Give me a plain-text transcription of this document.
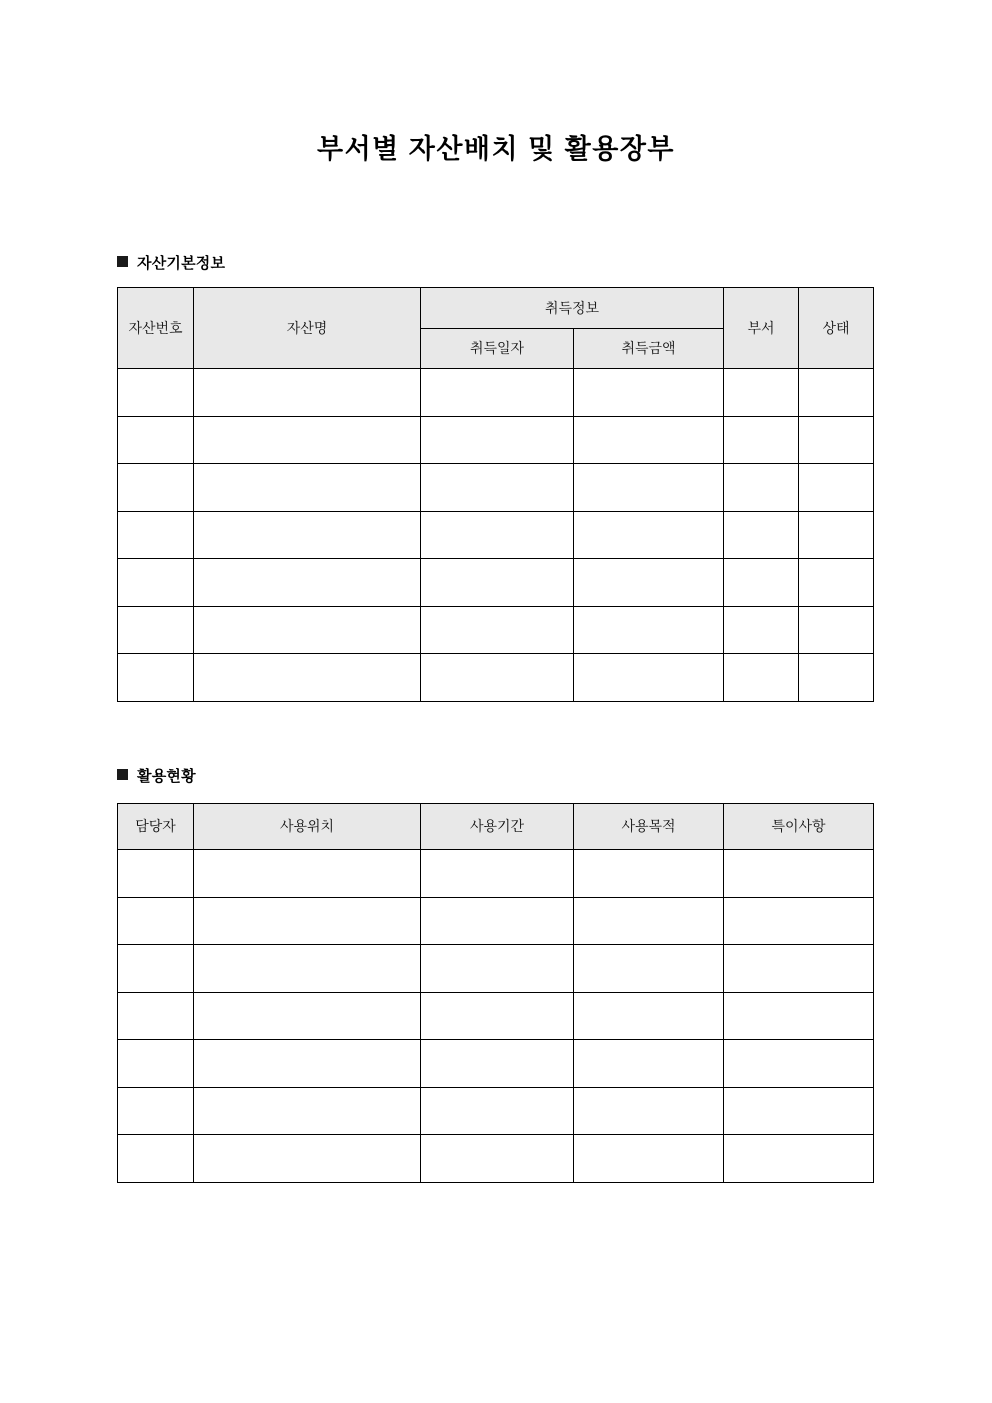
부서별 자산배치 및 활용장부
자산기본정보
자산번호	자산명	취득정보		부서	상태

		취득일자	취득금액		

활용현황
담당자	사용위치	사용기간	사용목적	특이사항
